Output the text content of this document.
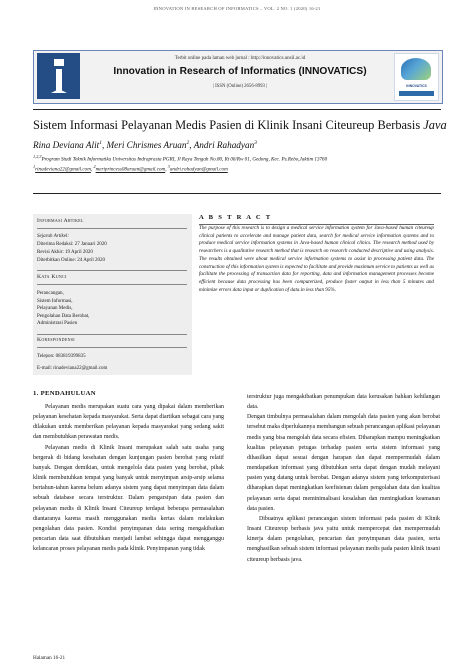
INNOVATION IN RESEARCH OF INFORMATICS – VOL. 2 NO. 1 (2020) 16-21
Terbit online pada laman web jurnal : http://innovatics.unsil.ac.id
Innovation in Research of Informatics (INNOVATICS)
| ISSN (Online) 2656-8993 |	INNOVATICS
Sistem Informasi Pelayanan Medis Pasien di Klinik Insani Citeureup Berbasis Java
Rina Deviana Alit$^1$, Meri Chrismes Aruan$^2$, Andri Rahadyan$^3$
$^{1,2,3}$Program Studi Teknik Informatika Universitas Indraprasta PGRI, Jl Raya Tengah No.80, Rt 06/Rw 01, Gedong, Kec. Ps.Rebo,Jaktim 13760
$^1$rinadeviana22@gmail.com, $^2$meriprincess08aruan@gmail.com, $^3$andri.rahadyan@gmail.com
Informasi Artikel
Sejarah Artikel:
Diterima Redaksi: 27 Januari 2020
Revisi Akhir: 19 April 2020
Diterbitkan Online: 24 April 2020
Kata Kunci
Perancangan,
Sistem Informasi,
Pelayanan Medis,
Pengolahan Data Berobat,
Administrasi Pasien
Korespondensi
Telepon: 083819399835
E-mail: rinadeviana22@gmail.com
A B S T R A C T
The purpose of this research is to design a medical service information system for Java-based human citeureup clinical patients to accelerate and manage patient data, search for medical service information systems and to produce medical service information systems in Java-based human clinical clinics. The research method used by researchers is a qualitative research method that is research on research conducted descriptive and using analysis. The results obtained were about medical service information systems to assist in processing patient data. The construction of this information system is expected to facilitate and provide maximum service to patients as well as facilitate the processing of transaction data for reporting, data and information management processes become efficient because data processing has been computerized, produce faster output in less than 5 minutes and minimize errors data input or duplication of data.in less than 95%.
1. PENDAHULUAN

Pelayanan medis merupakan suatu cara yang dipakai dalam memberikan pelayanan kesehatan kepada masyarakat. Serta dapat diartikan sebagai cara yang dilakukan untuk memberikan pelayanan kepada masyarakat yang sedang sakit dan membutuhkan perawatan medis.

Pelayanan medis di Klinik Insani merupakan salah satu usaha yang bergerak di bidang kesehatan dengan kunjungan pasien berobat yang relatif banyak. Dengan demikian, untuk mengelola data pasien yang berobat, pihak klinik membutuhkan tempat yang banyak untuk menyimpan arsip-arsip selama bertahun-tahun karena belum adanya sistem yang dapat menyimpan data dalam sebuah database secara terstruktur. Dalam pengarsipan data pasien dan pelayanan medis di Klinik Insani Citeureup terdapat beberapa permasalahan diantaranya karena masih menggunakan media kertas dalam melakukan pengolahan data pasien. Kondisi penyimpanan data sering mengakibatkan pencarian data saat dibutuhkan menjadi lambat sehingga dapat mengganggu kelancaran proses pelayanan medis pada klinik. Penyimpanan yang tidak

terstruktur juga mengakibatkan penumpukan data kerusakan bahkan kehilangan data.

Dengan timbulnya permasalahan dalam mengolah data pasien yang akan berobat tersebut maka diperlukannya membangun sebuah perancangan aplikasi pelayanan medis yang bisa mengolah data secara efisien. Diharapkan mampu meningkatkan kualitas pelayanan petugas terhadap pasien serta sistem informasi yang dihasilkan dapat sesuai dengan harapan dan dapat mempermudah dalam mendapatkan informasi yang dibutuhkan serta dapat dengan mudah melayani pasien yang datang untuk berobat. Dengan adanya sistem yang terkomputerisasi diharapkan dapat meningkatkan keefisienan dalam pengolahan data dan kualitas pelayanan serta dapat meminimalisasi kesalahan dan meningkatkan keamanan data pasien.

Dibuatnya aplikasi perancangan sistem informasi pada pasien di Klinik Insani Citeureup berbasis java yaitu untuk mempercepat dan mempermudah kinerja dalam pengolahan, pencarian dan penyimpanan data pasien, serta menghasilkan sebuah sistem informasi pelayanan medis pada pasien klinik insani citeureup berbasis java.

Halaman 16-21
